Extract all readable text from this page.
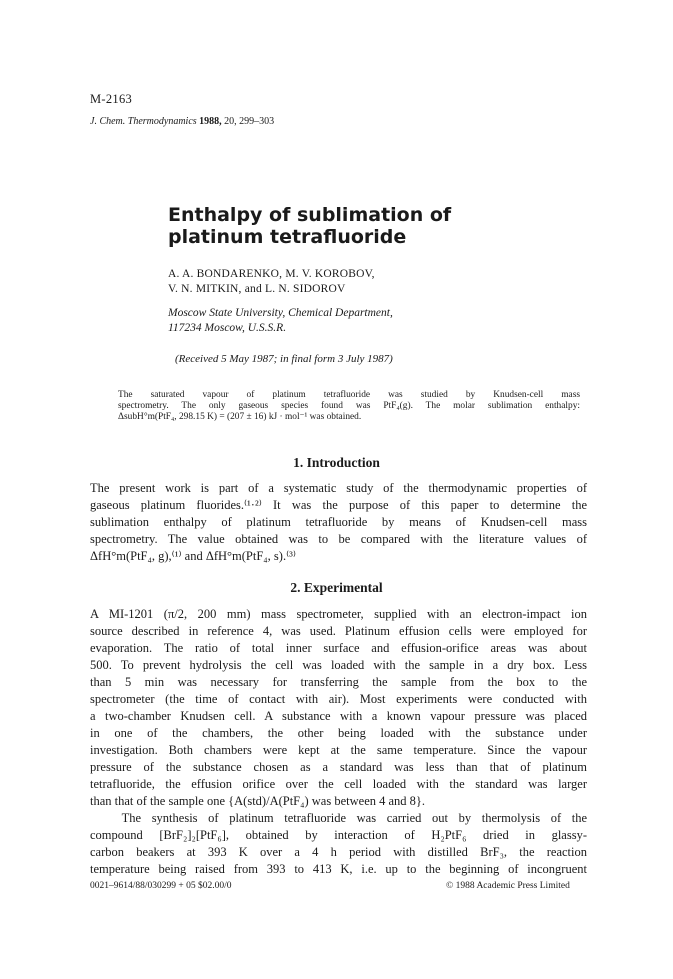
M-2163
J. Chem. Thermodynamics 1988, 20, 299–303
Enthalpy of sublimation of
platinum tetrafluoride
A. A. BONDARENKO, M. V. KOROBOV,
V. N. MITKIN, and L. N. SIDOROV
Moscow State University, Chemical Department,
117234 Moscow, U.S.S.R.
(Received 5 May 1987; in final form 3 July 1987)
The saturated vapour of platinum tetrafluoride was studied by Knudsen-cell mass
spectrometry. The only gaseous species found was PtF₄(g). The molar sublimation enthalpy:
ΔsubH°m(PtF₄, 298.15 K) = (207 ± 16) kJ · mol⁻¹ was obtained.
1. Introduction
The present work is part of a systematic study of the thermodynamic properties of
gaseous platinum fluorides.⁽¹·²⁾ It was the purpose of this paper to determine the
sublimation enthalpy of platinum tetrafluoride by means of Knudsen-cell mass
spectrometry. The value obtained was to be compared with the literature values of
ΔfH°m(PtF₄, g),⁽¹⁾ and ΔfH°m(PtF₄, s).⁽³⁾
2. Experimental
A MI-1201 (π/2, 200 mm) mass spectrometer, supplied with an electron-impact ion
source described in reference 4, was used. Platinum effusion cells were employed for
evaporation. The ratio of total inner surface and effusion-orifice areas was about
500. To prevent hydrolysis the cell was loaded with the sample in a dry box. Less
than 5 min was necessary for transferring the sample from the box to the
spectrometer (the time of contact with air). Most experiments were conducted with
a two-chamber Knudsen cell. A substance with a known vapour pressure was placed
in one of the chambers, the other being loaded with the substance under
investigation. Both chambers were kept at the same temperature. Since the vapour
pressure of the substance chosen as a standard was less than that of platinum
tetrafluoride, the effusion orifice over the cell loaded with the standard was larger
than that of the sample one {A(std)/A(PtF₄) was between 4 and 8}.
The synthesis of platinum tetrafluoride was carried out by thermolysis of the
compound [BrF₂]₂[PtF₆], obtained by interaction of H₂PtF₆ dried in glassy-
carbon beakers at 393 K over a 4 h period with distilled BrF₃, the reaction
temperature being raised from 393 to 413 K, i.e. up to the beginning of incongruent
0021–9614/88/030299 + 05 $02.00/0	© 1988 Academic Press Limited
